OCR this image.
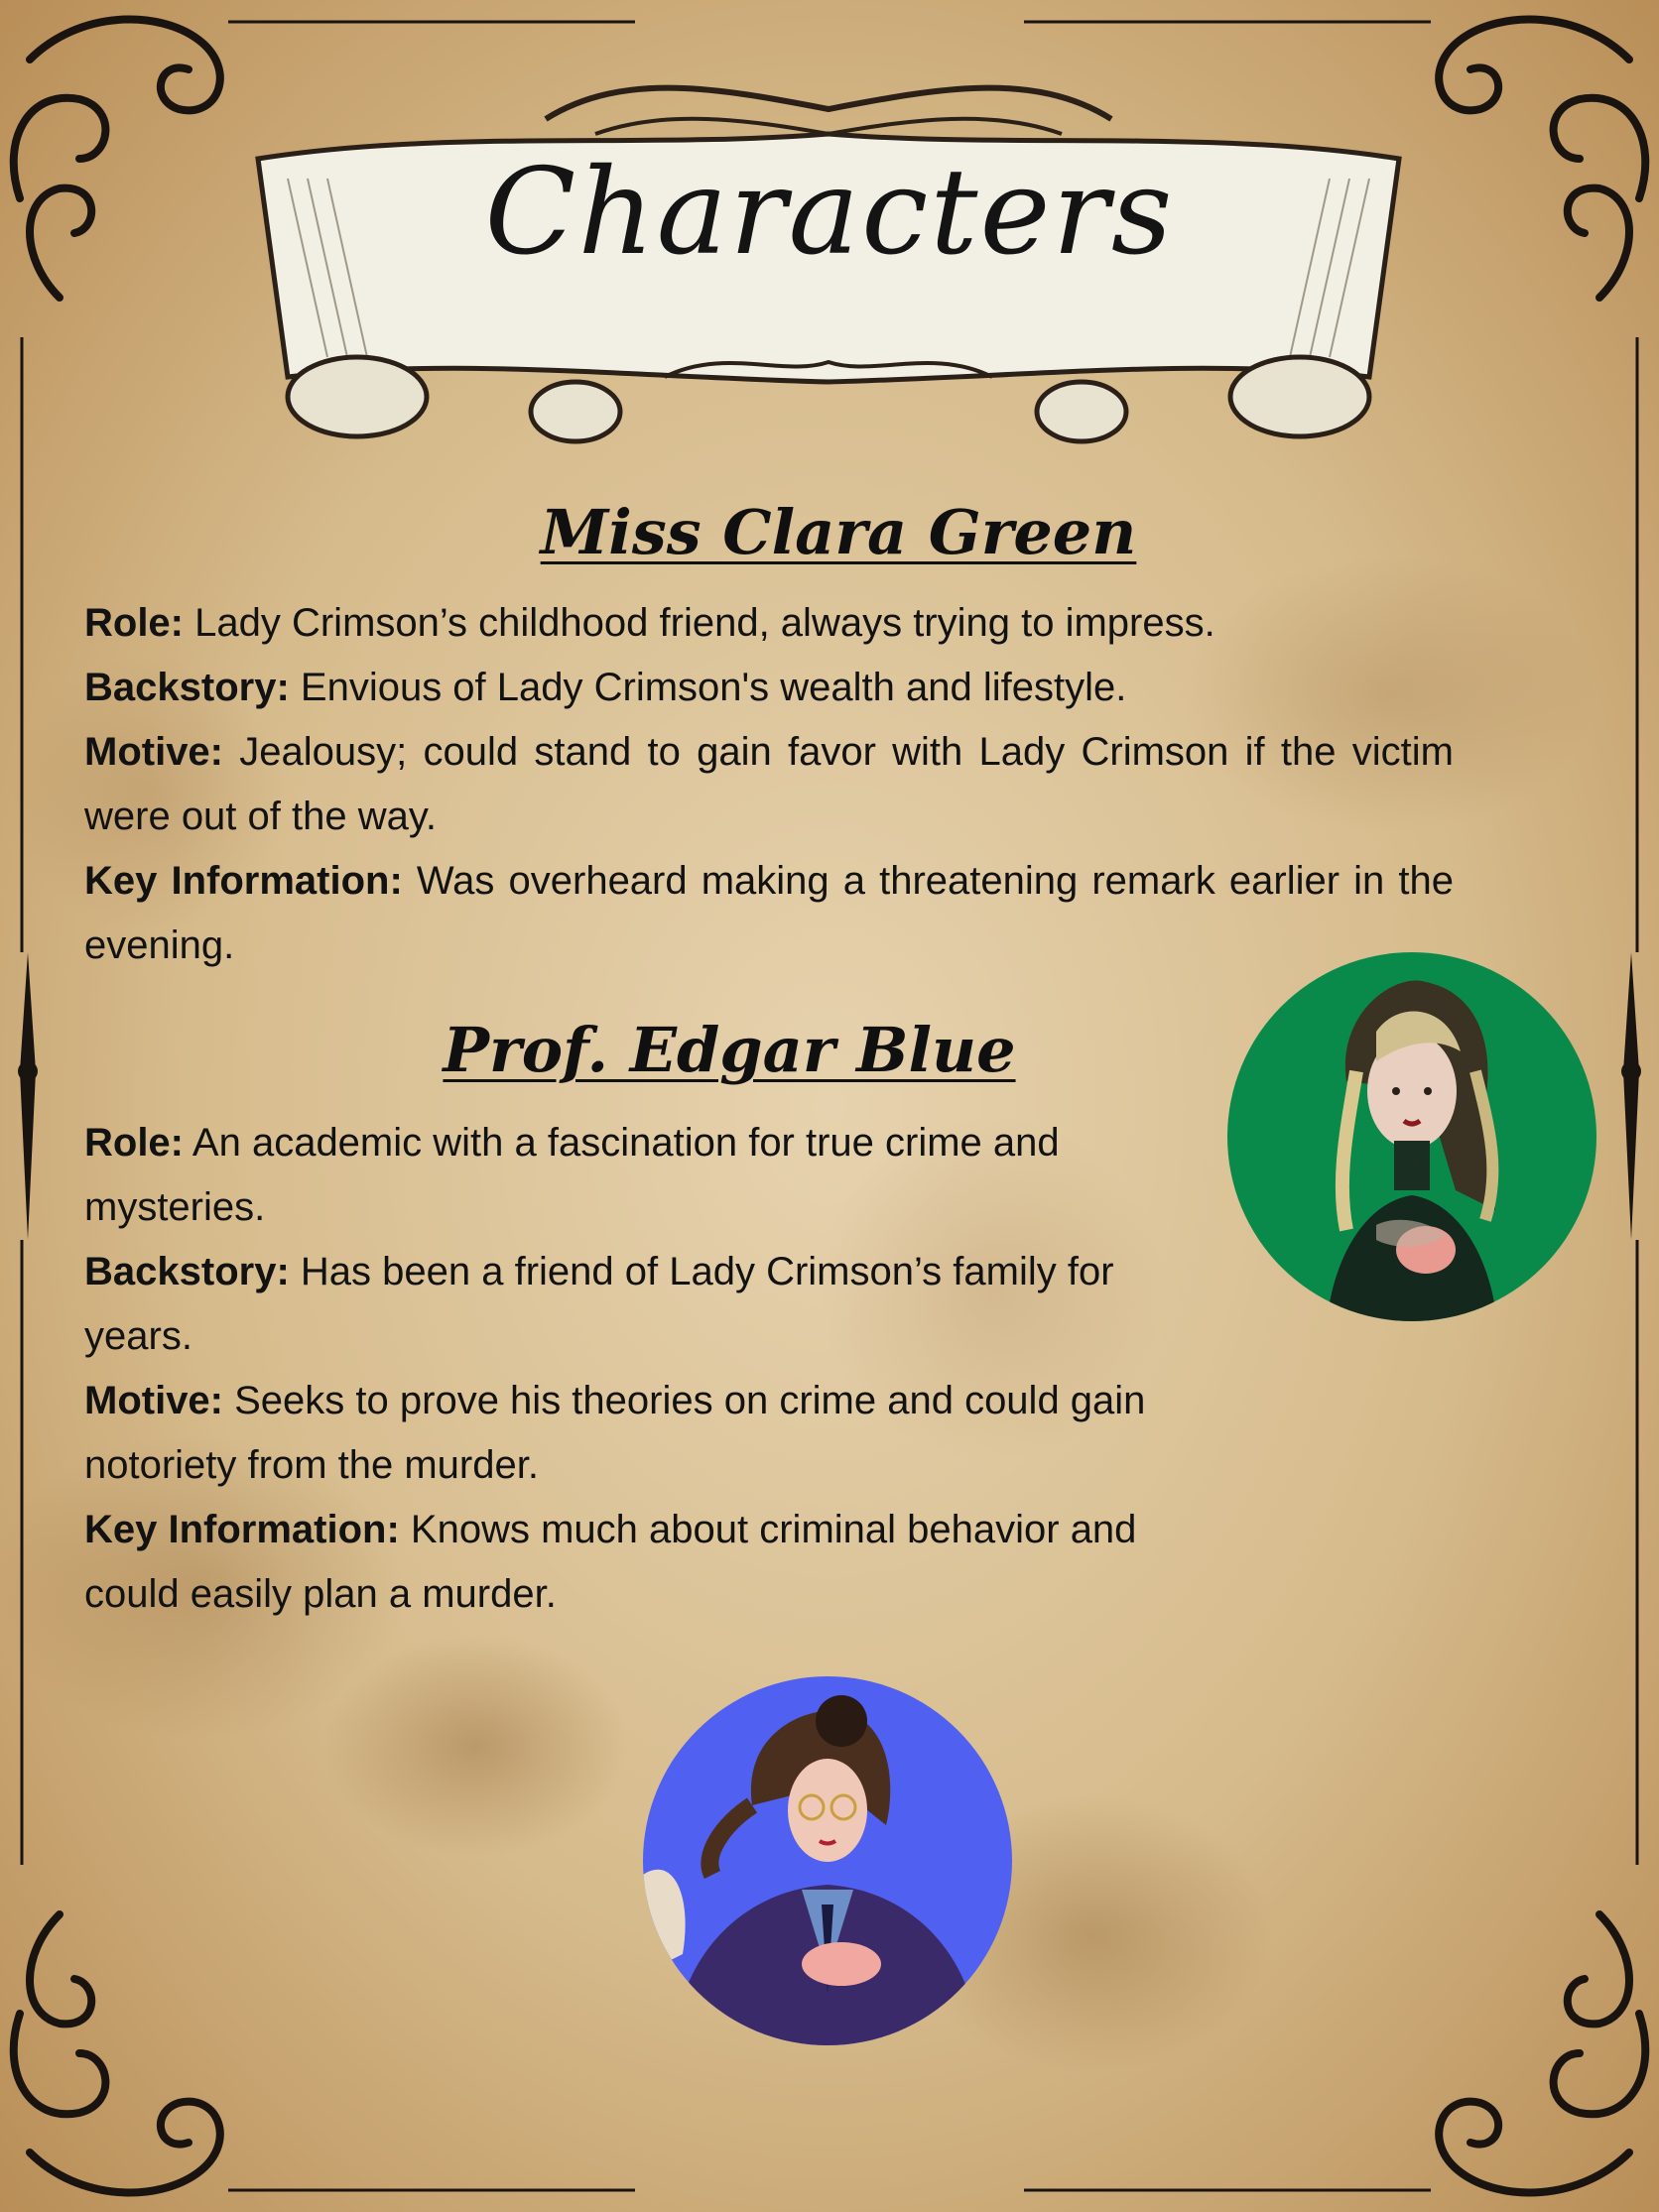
Characters
Miss Clara Green
Role: Lady Crimson’s childhood friend, always trying to impress.
Backstory: Envious of Lady Crimson's wealth and lifestyle.
Motive: Jealousy; could stand to gain favor with Lady Crimson if the victim were out of the way.
Key Information: Was overheard making a threatening remark earlier in the evening.
Prof. Edgar Blue
Role: An academic with a fascination for true crime and mysteries.
Backstory: Has been a friend of Lady Crimson’s family for years.
Motive: Seeks to prove his theories on crime and could gain notoriety from the murder.
Key Information: Knows much about criminal behavior and could easily plan a murder.
